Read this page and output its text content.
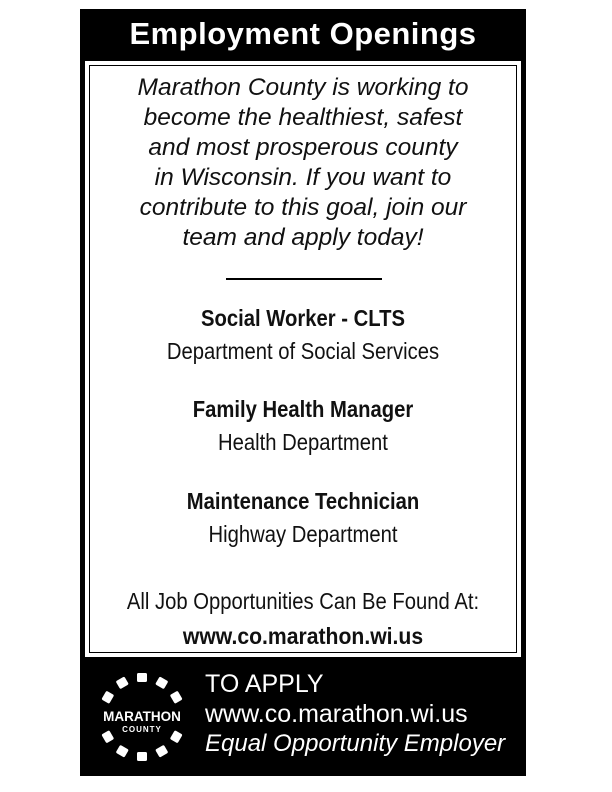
Employment Openings
Marathon County is working to
become the healthiest, safest
and most prosperous county
in Wisconsin. If you want to
contribute to this goal, join our
team and apply today!
Social Worker - CLTS
Department of Social Services
Family Health Manager
Health Department
Maintenance Technician
Highway Department
All Job Opportunities Can Be Found At:
www.co.marathon.wi.us
MARATHON
COUNTY
TO APPLY
www.co.marathon.wi.us
Equal Opportunity Employer
